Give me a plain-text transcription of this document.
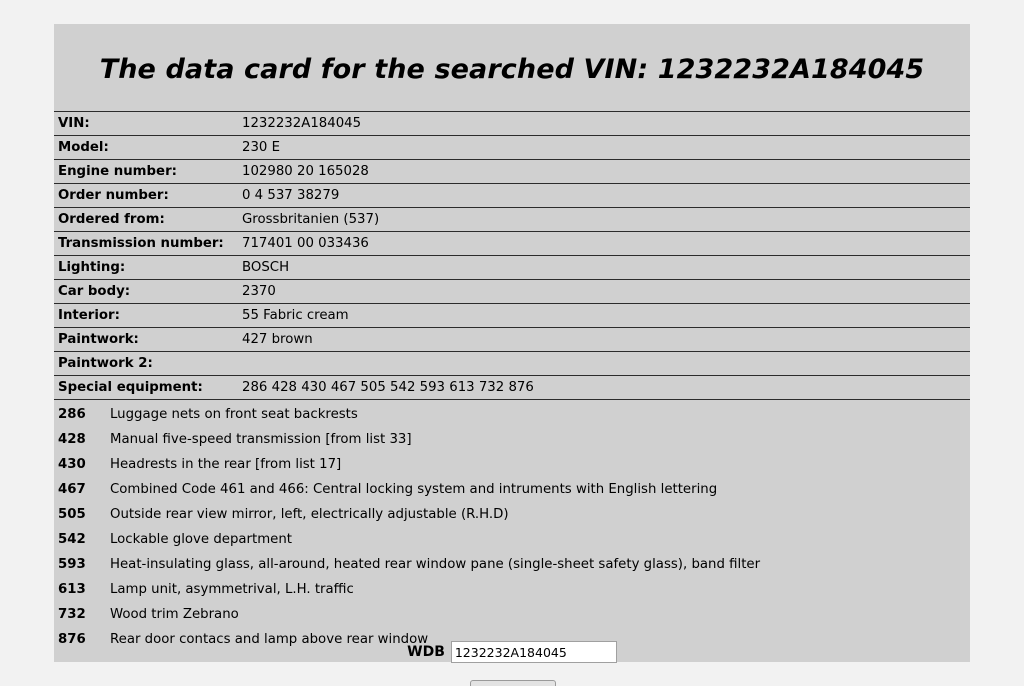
The data card for the searched VIN: 1232232A184045
VIN:	1232232A184045
Model:	230 E
Engine number:	102980 20 165028
Order number:	0 4 537 38279
Ordered from:	Grossbritanien (537)
Transmission number:	717401 00 033436
Lighting:	BOSCH
Car body:	2370
Interior:	55 Fabric cream
Paintwork:	427 brown
Paintwork 2:	
Special equipment:	286 428 430 467 505 542 593 613 732 876
286	Luggage nets on front seat backrests
428	Manual five-speed transmission [from list 33]
430	Headrests in the rear [from list 17]
467	Combined Code 461 and 466: Central locking system and intruments with English lettering
505	Outside rear view mirror, left, electrically adjustable (R.H.D)
542	Lockable glove department
593	Heat-insulating glass, all-around, heated rear window pane (single-sheet safety glass), band filter
613	Lamp unit, asymmetrival, L.H. traffic
732	Wood trim Zebrano
876	Rear door contacs and lamp above rear window
WDB1232232A184045
